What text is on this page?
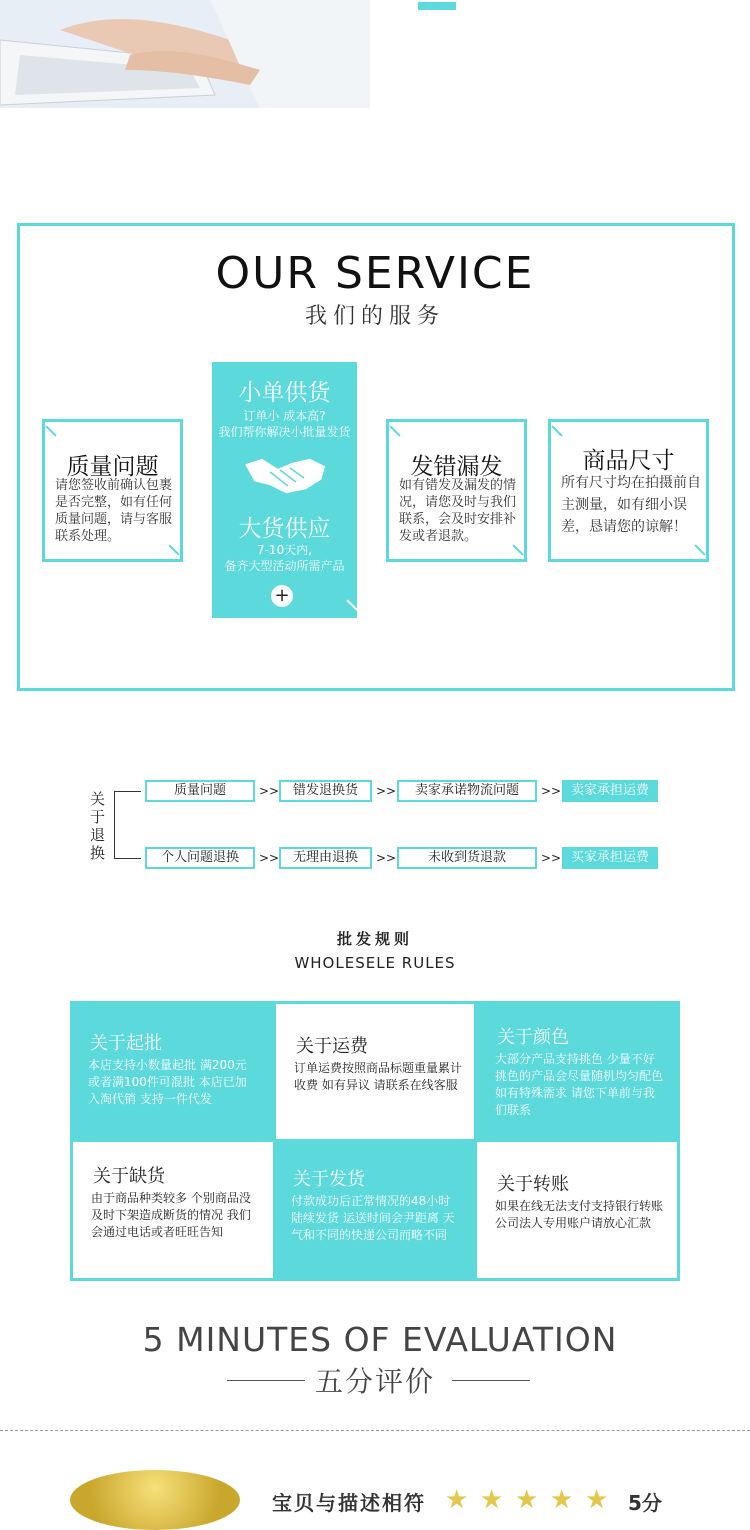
OUR SERVICE
我们的服务
质量问题
请您签收前确认包裹是否完整，如有任何质量问题，请与客服联系处理。
小单供货
订单小 成本高?
我们帮你解决小批量发货
大货供应
7-10天内,
备齐大型活动所需产品
+
发错漏发
如有错发及漏发的情况，请您及时与我们联系，会及时安排补发或者退款。
商品尺寸
所有尺寸均在拍摄前自主测量，如有细小误差，恳请您的谅解！
关于退换
质量问题	>>	错发退换货	>>	卖家承诺物流问题	>> 卖家承担运费
个人问题退换	>>	无理由退换	>>	未收到货退款	>> 买家承担运费
批发规则
WHOLESELE RULES
关于起批
本店支持小数量起批 满200元或者满100件可混批 本店已加入淘代销 支持一件代发
关于运费
订单运费按照商品标题重量累计收费 如有异议 请联系在线客服
关于颜色
大部分产品支持挑色 少量不好挑色的产品会尽量随机均匀配色 如有特殊需求 请您下单前与我们联系
关于缺货
由于商品种类较多 个别商品没及时下架造成断货的情况 我们会通过电话或者旺旺告知
关于发货
付款成功后正常情况的48小时陆续发货 运送时间会尹距离 天气和不同的快递公司而略不同
关于转账
如果在线无法支付支持银行转账 公司法人专用账户请放心汇款
5 MINUTES OF EVALUATION
五分评价
宝贝与描述相符 ★ ★ ★ ★ ★ 5分
